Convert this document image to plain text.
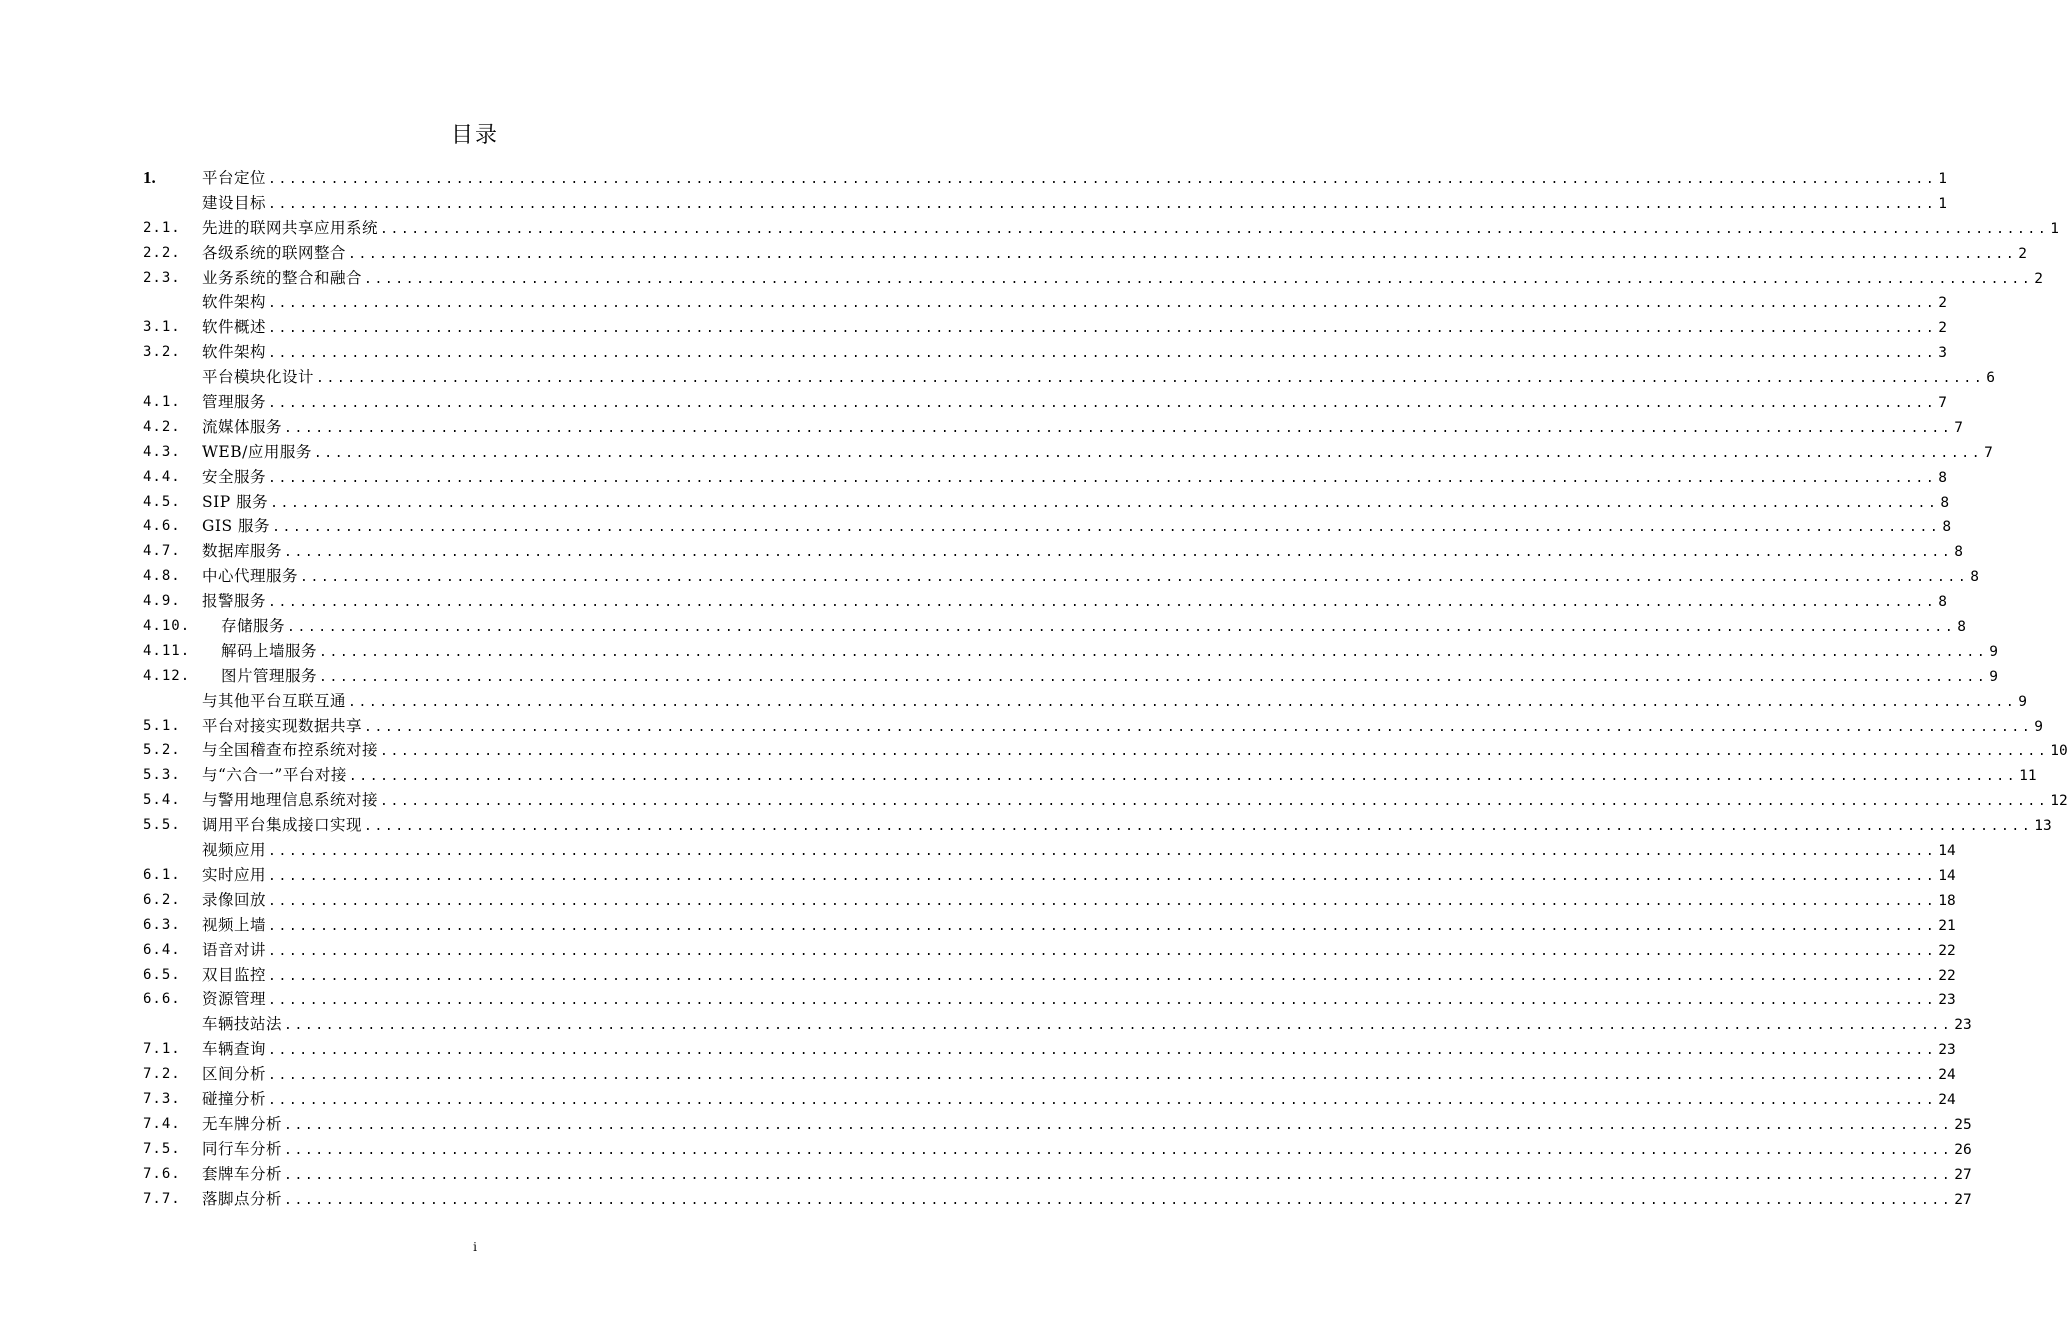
目录
1.	平台定位 ................................................................................................................................................................ 1
建设目标 ................................................................................................................................................................ 1
2.1.	先进的联网共享应用系统 ................................................................................................................................................................ 1
2.2.	各级系统的联网整合 ................................................................................................................................................................ 2
2.3.	业务系统的整合和融合 ................................................................................................................................................................ 2
软件架构 ................................................................................................................................................................ 2
3.1.	软件概述 ................................................................................................................................................................ 2
3.2.	软件架构 ................................................................................................................................................................ 3
平台模块化设计 ................................................................................................................................................................ 6
4.1.	管理服务 ................................................................................................................................................................ 7
4.2.	流媒体服务 ................................................................................................................................................................ 7
4.3.	WEB/应用服务 ................................................................................................................................................................ 7
4.4.	安全服务 ................................................................................................................................................................ 8
4.5.	SIP 服务 ................................................................................................................................................................ 8
4.6.	GIS 服务 ................................................................................................................................................................ 8
4.7.	数据库服务 ................................................................................................................................................................ 8
4.8.	中心代理服务 ................................................................................................................................................................ 8
4.9.	报警服务 ................................................................................................................................................................ 8
4.10.	存储服务 ................................................................................................................................................................ 8
4.11.	解码上墙服务 ................................................................................................................................................................ 9
4.12.	图片管理服务 ................................................................................................................................................................ 9
与其他平台互联互通 ................................................................................................................................................................ 9
5.1.	平台对接实现数据共享 ................................................................................................................................................................ 9
5.2.	与全国稽查布控系统对接 ................................................................................................................................................................ 10
5.3.	与“六合一”平台对接 ................................................................................................................................................................ 11
5.4.	与警用地理信息系统对接 ................................................................................................................................................................ 12
5.5.	调用平台集成接口实现 ................................................................................................................................................................ 13
视频应用 ................................................................................................................................................................ 14
6.1.	实时应用 ................................................................................................................................................................ 14
6.2.	录像回放 ................................................................................................................................................................ 18
6.3.	视频上墙 ................................................................................................................................................................ 21
6.4.	语音对讲 ................................................................................................................................................................ 22
6.5.	双目监控 ................................................................................................................................................................ 22
6.6.	资源管理 ................................................................................................................................................................ 23
车辆技站法 ................................................................................................................................................................ 23
7.1.	车辆查询 ................................................................................................................................................................ 23
7.2.	区间分析 ................................................................................................................................................................ 24
7.3.	碰撞分析 ................................................................................................................................................................ 24
7.4.	无车牌分析 ................................................................................................................................................................ 25
7.5.	同行车分析 ................................................................................................................................................................ 26
7.6.	套牌车分析 ................................................................................................................................................................ 27
7.7.	落脚点分析 ................................................................................................................................................................ 27
i
